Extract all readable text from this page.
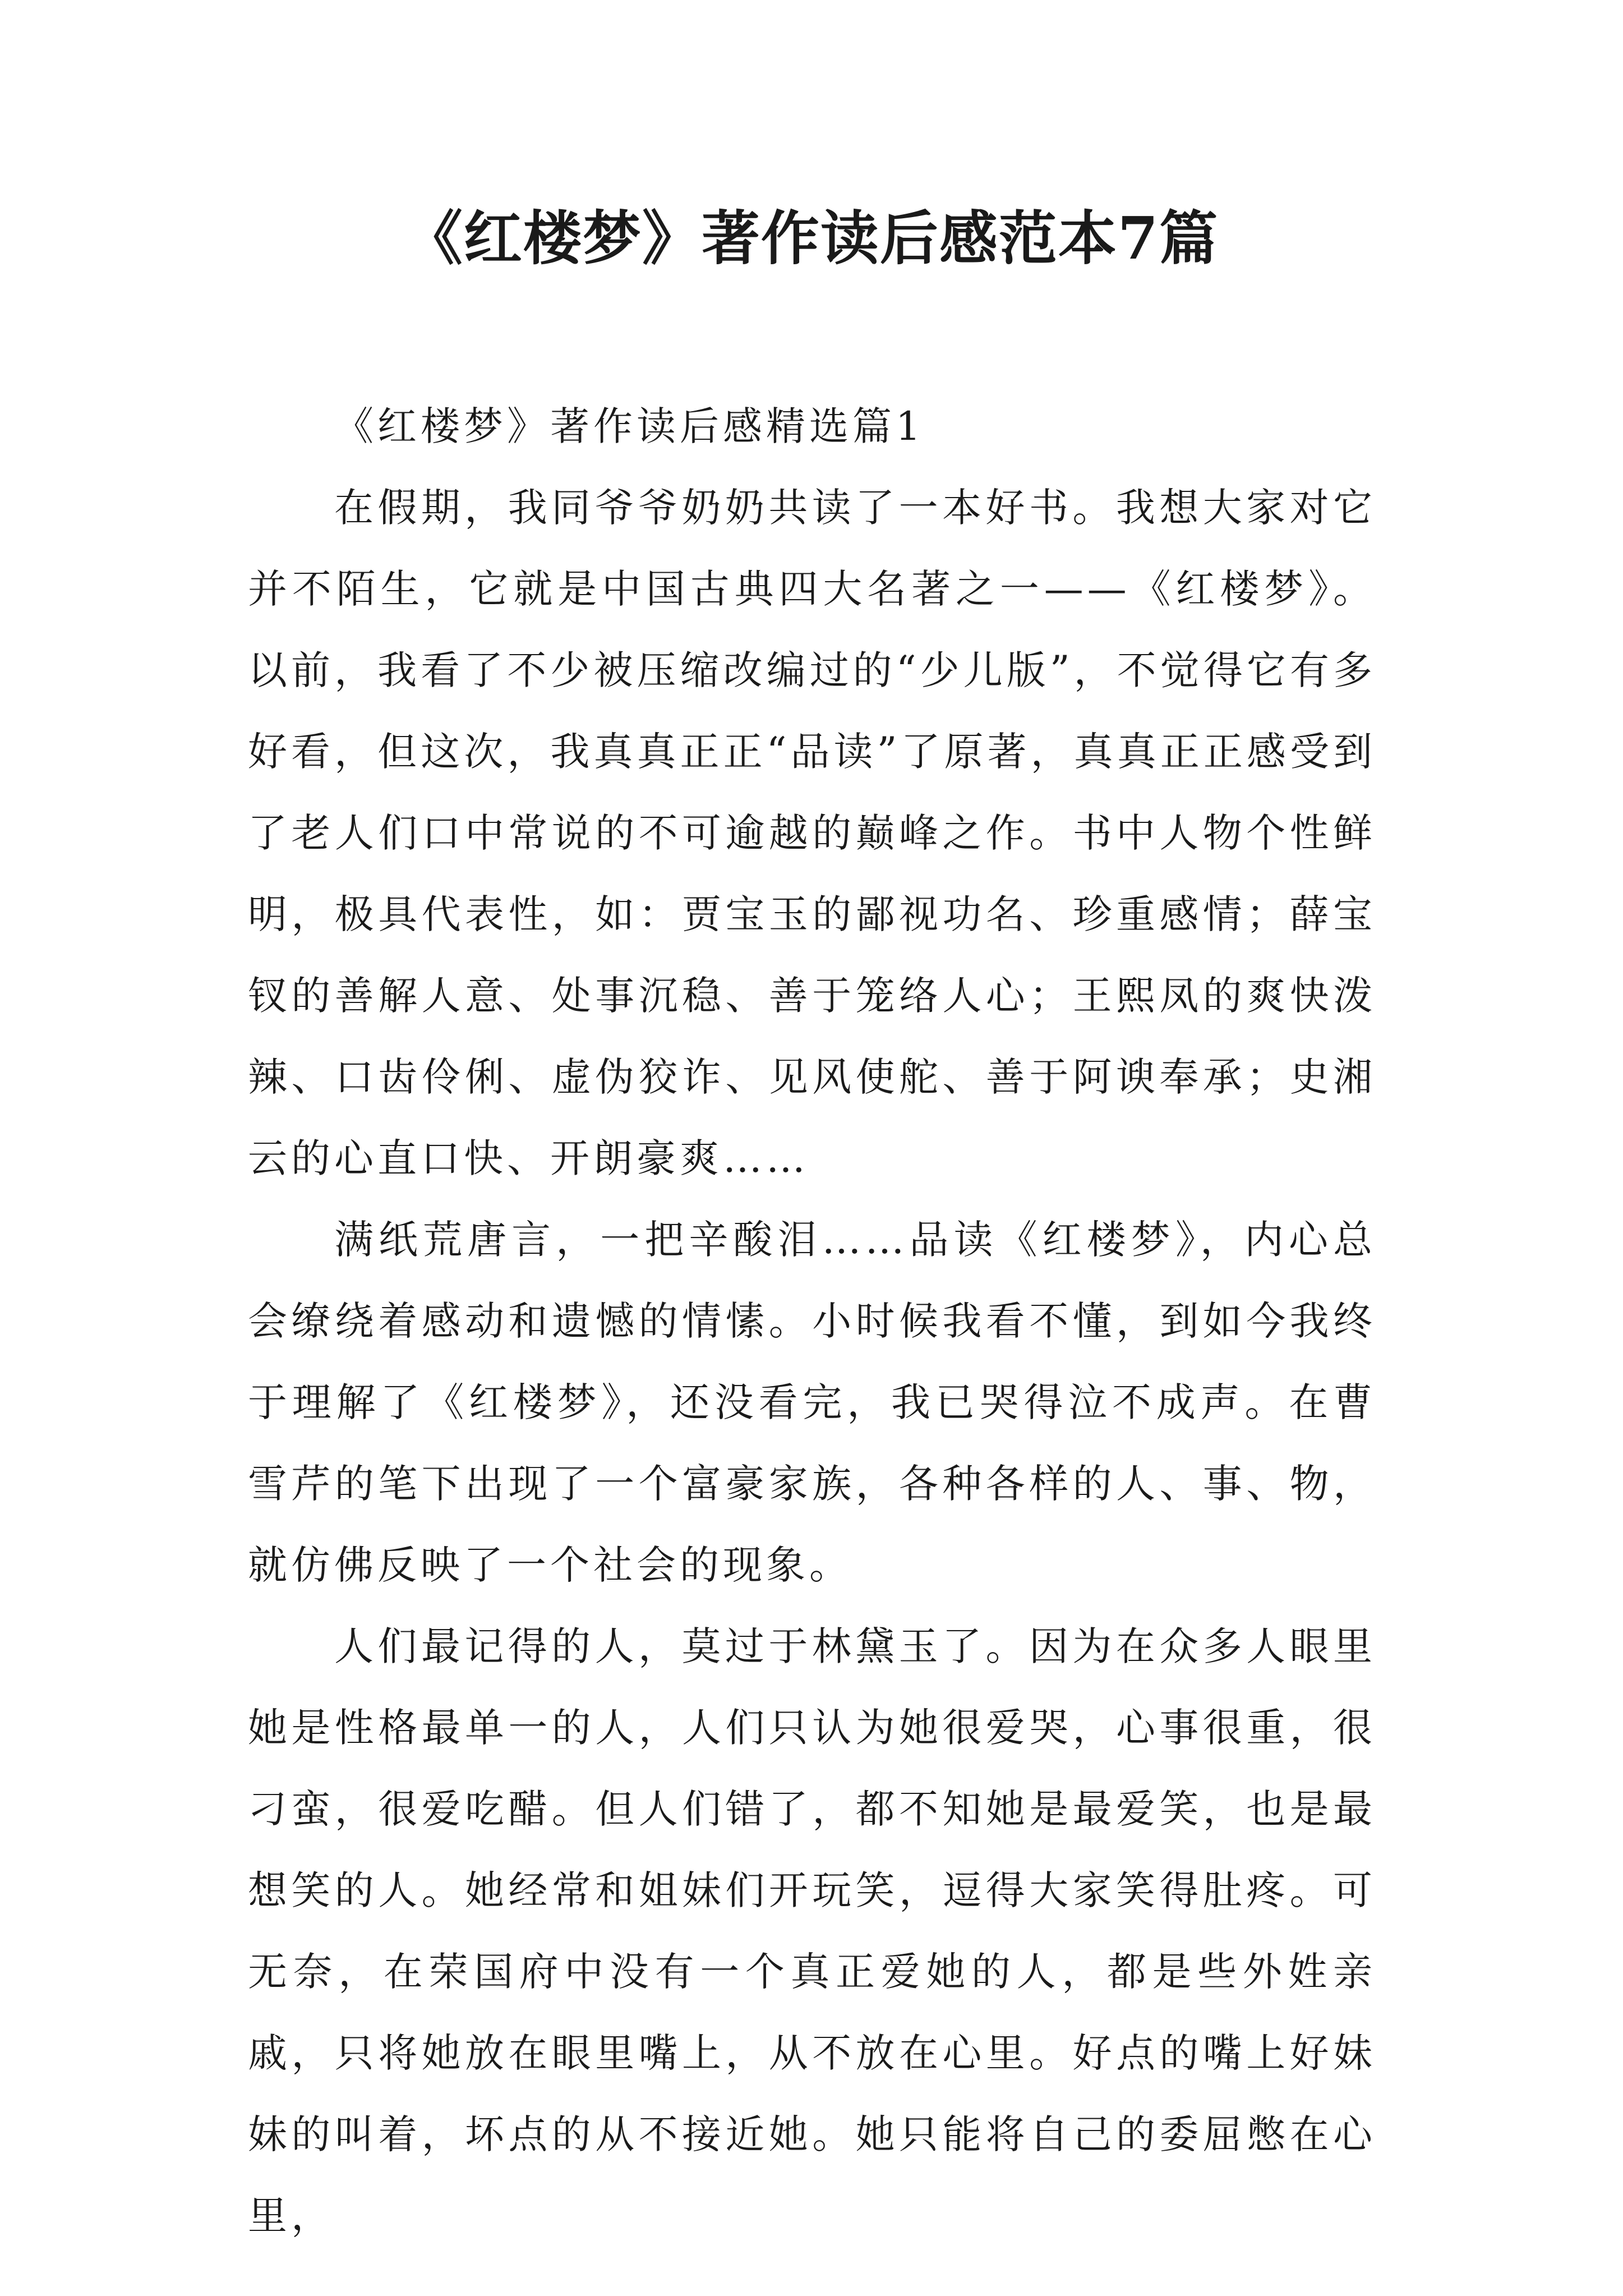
《红楼梦》著作读后感范本7篇

《红楼梦》著作读后感精选篇1

在假期，我同爷爷奶奶共读了一本好书。我想大家对它并不陌生，它就是中国古典四大名著之一——《红楼梦》。以前，我看了不少被压缩改编过的“少儿版”，不觉得它有多好看，但这次，我真真正正“品读”了原著，真真正正感受到了老人们口中常说的不可逾越的巅峰之作。书中人物个性鲜明，极具代表性，如：贾宝玉的鄙视功名、珍重感情；薛宝钗的善解人意、处事沉稳、善于笼络人心；王熙凤的爽快泼辣、口齿伶俐、虚伪狡诈、见风使舵、善于阿谀奉承；史湘云的心直口快、开朗豪爽……

满纸荒唐言，一把辛酸泪……品读《红楼梦》，内心总会缭绕着感动和遗憾的情愫。小时候我看不懂，到如今我终于理解了《红楼梦》，还没看完，我已哭得泣不成声。在曹雪芹的笔下出现了一个富豪家族，各种各样的人、事、物，就仿佛反映了一个社会的现象。

人们最记得的人，莫过于林黛玉了。因为在众多人眼里她是性格最单一的人，人们只认为她很爱哭，心事很重，很刁蛮，很爱吃醋。但人们错了，都不知她是最爱笑，也是最想笑的人。她经常和姐妹们开玩笑，逗得大家笑得肚疼。可无奈，在荣国府中没有一个真正爱她的人，都是些外姓亲戚，只将她放在眼里嘴上，从不放在心里。好点的嘴上好妹妹的叫着，坏点的从不接近她。她只能将自己的委屈憋在心里，
